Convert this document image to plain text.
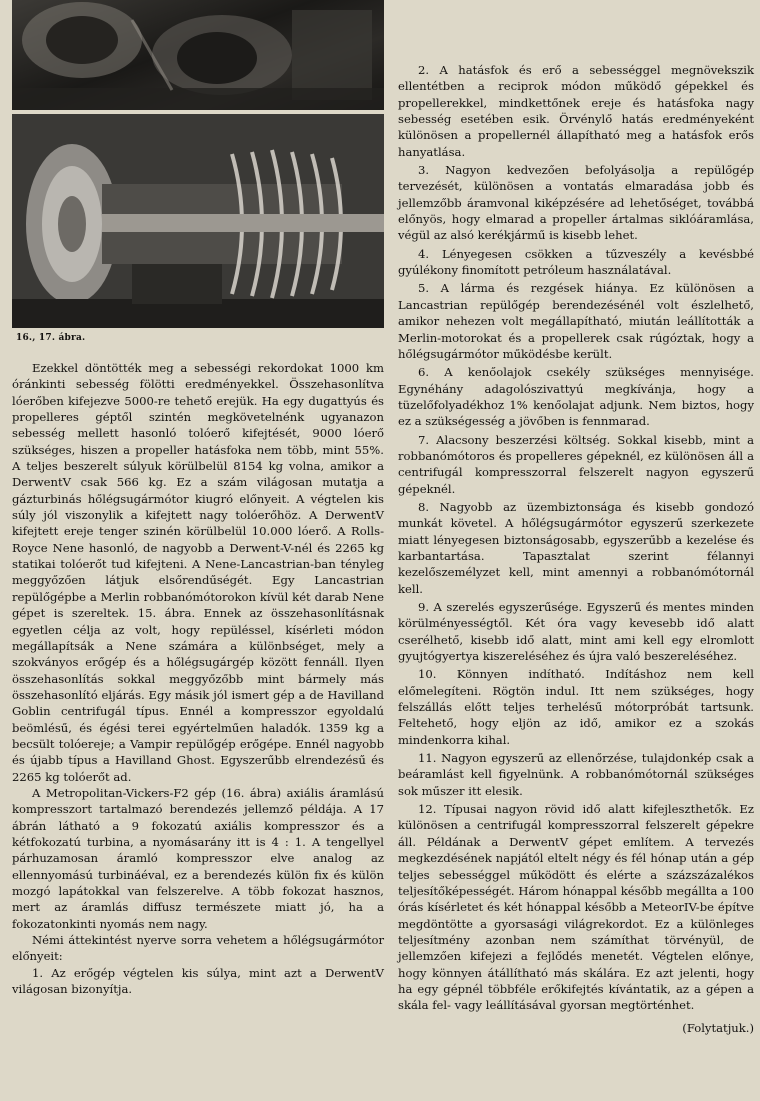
16., 17. ábra.

Ezekkel döntötték meg a sebességi rekordokat 1000 km óránkinti sebesség fölötti eredményekkel. Összehasonlítva lóerőben kifejezve 5000-re tehető erejük. Ha egy dugattyús és propelleres géptől szintén megkövetelnénk ugyanazon sebesség mellett hasonló tolóerő kifejtését, 9000 lóerő szükséges, hiszen a propeller hatásfoka nem több, mint 55%. A teljes beszerelt súlyuk körülbelül 8154 kg volna, amikor a DerwentV csak 566 kg. Ez a szám világosan mutatja a gázturbinás hőlégsugármótor kiugró előnyeit. A végtelen kis súly jól viszonylik a kifejtett nagy tolóerőhöz. A DerwentV kifejtett ereje tenger szinén körülbelül 10.000 lóerő. A Rolls-Royce Nene hasonló, de nagyobb a Derwent-V-nél és 2265 kg statikai tolóerőt tud kifejteni. A Nene-Lancastrian-ban tényleg meggyőzően látjuk elsőrendűségét. Egy Lancastrian repülőgépbe a Merlin robbanómótorokon kívül két darab Nene gépet is szereltek. 15. ábra. Ennek az összehasonlításnak egyetlen célja az volt, hogy repüléssel, kísérleti módon megállapítsák a Nene számára a különbséget, mely a szokványos erőgép és a hőlégsugárgép között fennáll. Ilyen összehasonlítás sokkal meggyőzőbb mint bármely más összehasonlító eljárás. Egy másik jól ismert gép a de Havilland Goblin centrifugál típus. Ennél a kompresszor egyoldalú beömlésű, és égési terei egyértelműen haladók. 1359 kg a becsült tolóereje; a Vampir repülőgép erőgépe. Ennél nagyobb és újabb típus a Havilland Ghost. Egyszerűbb elrendezésű és 2265 kg tolóerőt ad.

A Metropolitan-Vickers-F2 gép (16. ábra) axiális áramlású kompresszort tartalmazó berendezés jellemző példája. A 17 ábrán látható a 9 fokozatú axiális kompresszor és a kétfokozatú turbina, a nyomásarány itt is 4 : 1. A tengellyel párhuzamosan áramló kompresszor elve analog az ellennyomású turbináéval, ez a berendezés külön fix és külön mozgó lapátokkal van felszerelve. A több fokozat hasznos, mert az áramlás diffusz természete miatt jó, ha a fokozatonkinti nyomás nem nagy.

Némi áttekintést nyerve sorra vehetem a hőlégsugármótor előnyeit:

1. Az erőgép végtelen kis súlya, mint azt a DerwentV világosan bizonyítja.

2. A hatásfok és erő a sebességgel megnövekszik ellentétben a reciprok módon működő gépekkel és propellerekkel, mindkettőnek ereje és hatásfoka nagy sebesség esetében esik. Örvénylő hatás eredményeként különösen a propellernél állapítható meg a hatásfok erős hanyatlása.

3. Nagyon kedvezően befolyásolja a repülőgép tervezését, különösen a vontatás elmaradása jobb és jellemzőbb áramvonal kiképzésére ad lehetőséget, továbbá előnyös, hogy elmarad a propeller ártalmas siklóáramlása, végül az alsó kerékjármű is kisebb lehet.

4. Lényegesen csökken a tűzveszély a kevésbbé gyúlékony finomított petróleum használatával.

5. A lárma és rezgések hiánya. Ez különösen a Lancastrian repülőgép berendezésénél volt észlelhető, amikor nehezen volt megállapítható, miután leállították a Merlin-motorokat és a propellerek csak rúgóztak, hogy a hőlégsugármótor működésbe került.

6. A kenőolajok csekély szükséges mennyisége. Egynéhány adagolószivattyú megkívánja, hogy a tüzelőfolyadékhoz 1% kenőolajat adjunk. Nem biztos, hogy ez a szükségesség a jövőben is fennmarad.

7. Alacsony beszerzési költség. Sokkal kisebb, mint a robbanómótoros és propelleres gépeknél, ez különösen áll a centrifugál kompresszorral felszerelt nagyon egyszerű gépeknél.

8. Nagyobb az üzembiztonsága és kisebb gondozó munkát követel. A hőlégsugármótor egyszerű szerkezete miatt lényegesen biztonságosabb, egyszerűbb a kezelése és karbantartása. Tapasztalat szerint félannyi kezelőszemélyzet kell, mint amennyi a robbanómótornál kell.

9. A szerelés egyszerűsége. Egyszerű és mentes minden körülményességtől. Két óra vagy kevesebb idő alatt cserélhető, kisebb idő alatt, mint ami kell egy elromlott gyujtógyertya kiszereléséhez és újra való beszereléséhez.

10. Könnyen indítható. Indításhoz nem kell előmelegíteni. Rögtön indul. Itt nem szükséges, hogy felszállás előtt teljes terhelésű mótorpróbát tartsunk. Feltehető, hogy eljön az idő, amikor ez a szokás mindenkorra kihal.

11. Nagyon egyszerű az ellenőrzése, tulajdonkép csak a beáramlást kell figyelnünk. A robbanómótornál szükséges sok műszer itt elesik.

12. Típusai nagyon rövid idő alatt kifejleszthetők. Ez különösen a centrifugál kompresszorral felszerelt gépekre áll. Példának a DerwentV gépet említem. A tervezés megkezdésének napjától eltelt négy és fél hónap után a gép teljes sebességgel működött és elérte a százszázalékos teljesítőképességét. Három hónappal később megállta a 100 órás kísérletet és két hónappal később a MeteorIV-be építve megdöntötte a gyorsasági világrekordot. Ez a különleges teljesítmény azonban nem számíthat törvényül, de jellemzően kifejezi a fejlődés menetét. Végtelen előnye, hogy könnyen átállítható más skálára. Ez azt jelenti, hogy ha egy gépnél többféle erőkifejtés kívántatik, az a gépen a skála fel- vagy leállításával gyorsan megtörténhet.

(Folytatjuk.)
